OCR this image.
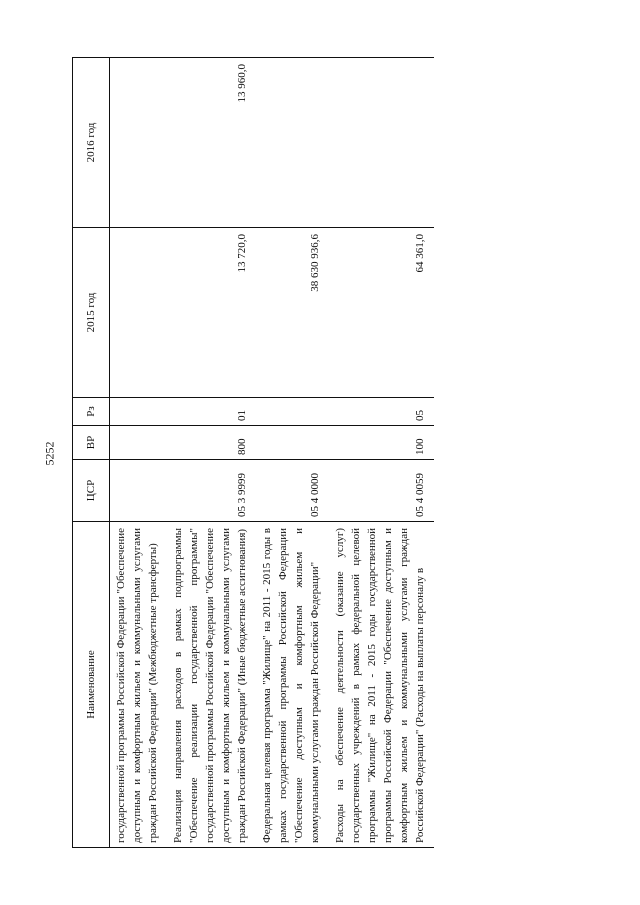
5252
Наименование	ЦСР	ВР	Рз	2015 год	2016 год
государственной программы Российской Федерации "Обеспечение доступным и комфортным жильем и коммунальными услугами граждан Российской Федерации" (Межбюджетные трансферты)					
Реализация направления расходов в рамках подпрограммы "Обеспечение реализации государственной программы" государственной программы Российской Федерации "Обеспечение доступным и комфортным жильем и коммунальными услугами граждан Российской Федерации" (Иные бюджетные ассигнования)	05 3 9999	800	01	13 720,0	13 960,0
Федеральная целевая программа "Жилище" на 2011 - 2015 годы в рамках государственной программы Российской Федерации "Обеспечение доступным и комфортным жильем и коммунальными услугами граждан Российской Федерации"	05 4 0000			38 630 936,6	
Расходы на обеспечение деятельности (оказание услуг) государственных учреждений в рамках федеральной целевой программы "Жилище" на 2011 - 2015 годы государственной программы Российской Федерации "Обеспечение доступным и комфортным жильем и коммунальными услугами граждан Российской Федерации" (Расходы на выплаты персоналу в	05 4 0059	100	05	64 361,0	
